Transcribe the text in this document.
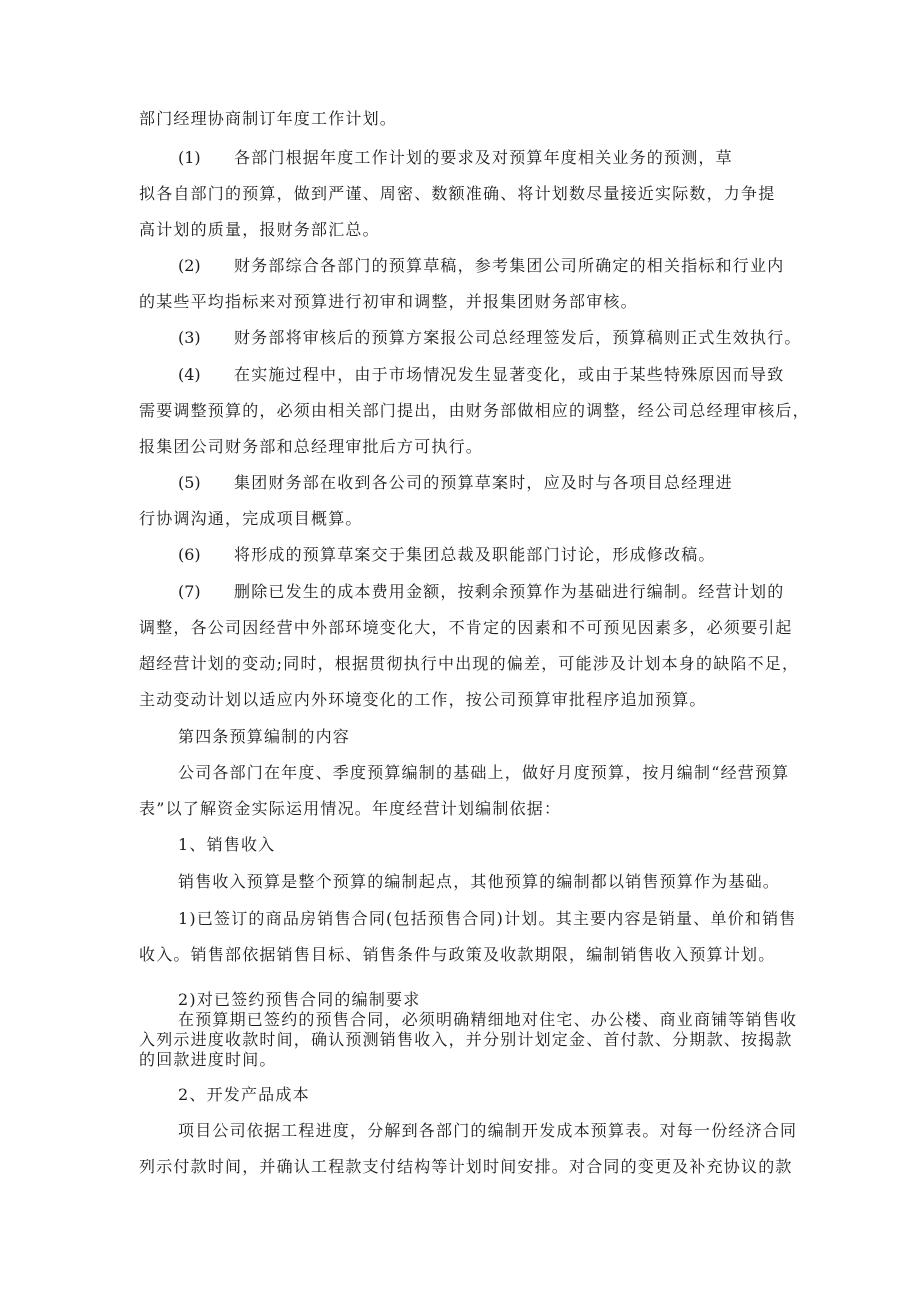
部门经理协商制订年度工作计划。
(1) 各部门根据年度工作计划的要求及对预算年度相关业务的预测，草
拟各自部门的预算，做到严谨、周密、数额准确、将计划数尽量接近实际数，力争提
高计划的质量，报财务部汇总。
(2) 财务部综合各部门的预算草稿，参考集团公司所确定的相关指标和行业内
的某些平均指标来对预算进行初审和调整，并报集团财务部审核。
(3) 财务部将审核后的预算方案报公司总经理签发后，预算稿则正式生效执行。
(4) 在实施过程中，由于市场情况发生显著变化，或由于某些特殊原因而导致
需要调整预算的，必须由相关部门提出，由财务部做相应的调整，经公司总经理审核后，
报集团公司财务部和总经理审批后方可执行。
(5) 集团财务部在收到各公司的预算草案时，应及时与各项目总经理进
行协调沟通，完成项目概算。
(6) 将形成的预算草案交于集团总裁及职能部门讨论，形成修改稿。
(7) 删除已发生的成本费用金额，按剩余预算作为基础进行编制。经营计划的
调整，各公司因经营中外部环境变化大，不肯定的因素和不可预见因素多，必须要引起
超经营计划的变动;同时，根据贯彻执行中出现的偏差，可能涉及计划本身的缺陷不足，
主动变动计划以适应内外环境变化的工作，按公司预算审批程序追加预算。
第四条预算编制的内容
公司各部门在年度、季度预算编制的基础上，做好月度预算，按月编制“经营预算
表”以了解资金实际运用情况。年度经营计划编制依据：
1、销售收入
销售收入预算是整个预算的编制起点，其他预算的编制都以销售预算作为基础。
1)已签订的商品房销售合同(包括预售合同)计划。其主要内容是销量、单价和销售
收入。销售部依据销售目标、销售条件与政策及收款期限，编制销售收入预算计划。
2)对已签约预售合同的编制要求
在预算期已签约的预售合同，必须明确精细地对住宅、办公楼、商业商铺等销售收
入列示进度收款时间，确认预测销售收入，并分别计划定金、首付款、分期款、按揭款
的回款进度时间。
2、开发产品成本
项目公司依据工程进度，分解到各部门的编制开发成本预算表。对每一份经济合同
列示付款时间，并确认工程款支付结构等计划时间安排。对合同的变更及补充协议的款
